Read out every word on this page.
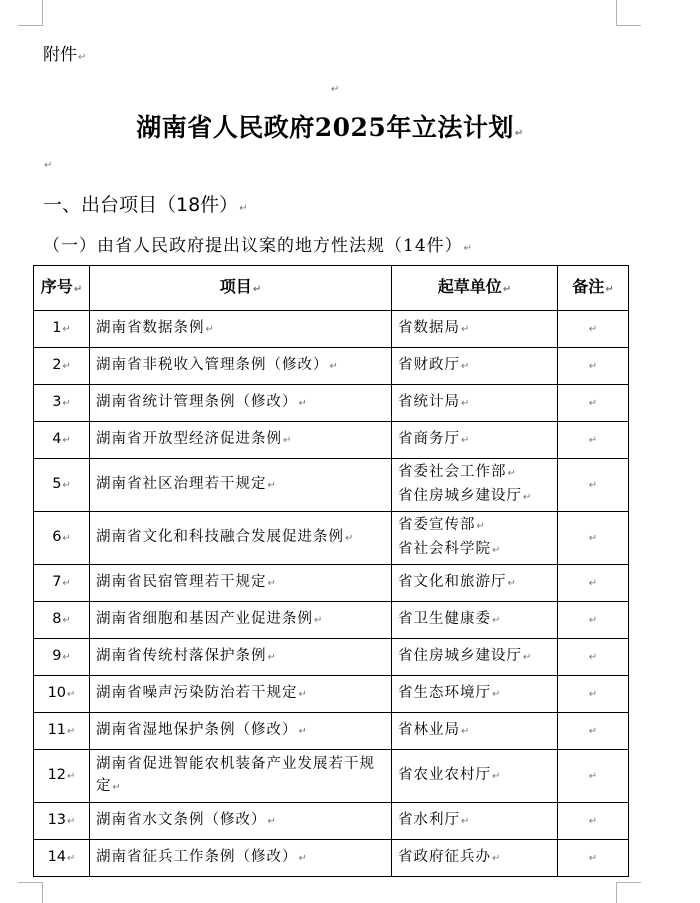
附件↵
↵
湖南省人民政府2025年立法计划↵
↵
一、出台项目（18件）↵
（一）由省人民政府提出议案的地方性法规（14件）↵
序号↵	项目↵	起草单位↵	备注↵
1↵	湖南省数据条例↵	省数据局↵	↵
2↵	湖南省非税收入管理条例（修改）↵	省财政厅↵	↵
3↵	湖南省统计管理条例（修改）↵	省统计局↵	↵
4↵	湖南省开放型经济促进条例↵	省商务厅↵	↵
5↵	湖南省社区治理若干规定↵	省委社会工作部↵
省住房城乡建设厅↵	↵
6↵	湖南省文化和科技融合发展促进条例↵	省委宣传部↵
省社会科学院↵	↵
7↵	湖南省民宿管理若干规定↵	省文化和旅游厅↵	↵
8↵	湖南省细胞和基因产业促进条例↵	省卫生健康委↵	↵
9↵	湖南省传统村落保护条例↵	省住房城乡建设厅↵	↵
10↵	湖南省噪声污染防治若干规定↵	省生态环境厅↵	↵
11↵	湖南省湿地保护条例（修改）↵	省林业局↵	↵
12↵	湖南省促进智能农机装备产业发展若干规定↵	省农业农村厅↵	↵
13↵	湖南省水文条例（修改）↵	省水利厅↵	↵
14↵	湖南省征兵工作条例（修改）↵	省政府征兵办↵	↵
